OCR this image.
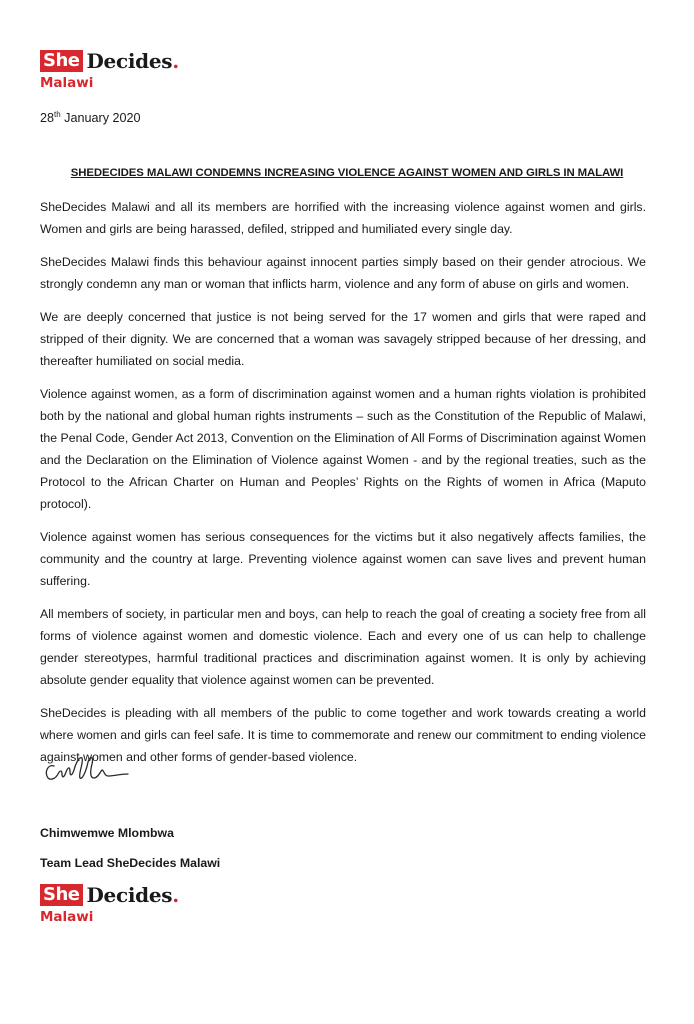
She Decides .
Malawi
28th January 2020
SHEDECIDES MALAWI CONDEMNS INCREASING VIOLENCE AGAINST WOMEN AND GIRLS IN MALAWI

SheDecides Malawi and all its members are horrified with the increasing violence against women and girls. Women and girls are being harassed, defiled, stripped and humiliated every single day.

SheDecides Malawi finds this behaviour against innocent parties simply based on their gender atrocious. We strongly condemn any man or woman that inflicts harm, violence and any form of abuse on girls and women.

We are deeply concerned that justice is not being served for the 17 women and girls that were raped and stripped of their dignity. We are concerned that a woman was savagely stripped because of her dressing, and thereafter humiliated on social media.

Violence against women, as a form of discrimination against women and a human rights violation is prohibited both by the national and global human rights instruments – such as the Constitution of the Republic of Malawi, the Penal Code, Gender Act 2013, Convention on the Elimination of All Forms of Discrimination against Women and the Declaration on the Elimination of Violence against Women - and by the regional treaties, such as the Protocol to the African Charter on Human and Peoples’ Rights on the Rights of women in Africa (Maputo protocol).

Violence against women has serious consequences for the victims but it also negatively affects families, the community and the country at large. Preventing violence against women can save lives and prevent human suffering.

All members of society, in particular men and boys, can help to reach the goal of creating a society free from all forms of violence against women and domestic violence. Each and every one of us can help to challenge gender stereotypes, harmful traditional practices and discrimination against women. It is only by achieving absolute gender equality that violence against women can be prevented.

SheDecides is pleading with all members of the public to come together and work towards creating a world where women and girls can feel safe. It is time to commemorate and renew our commitment to ending violence against women and other forms of gender-based violence.

Chimwemwe Mlombwa
Team Lead SheDecides Malawi
She Decides .
Malawi
